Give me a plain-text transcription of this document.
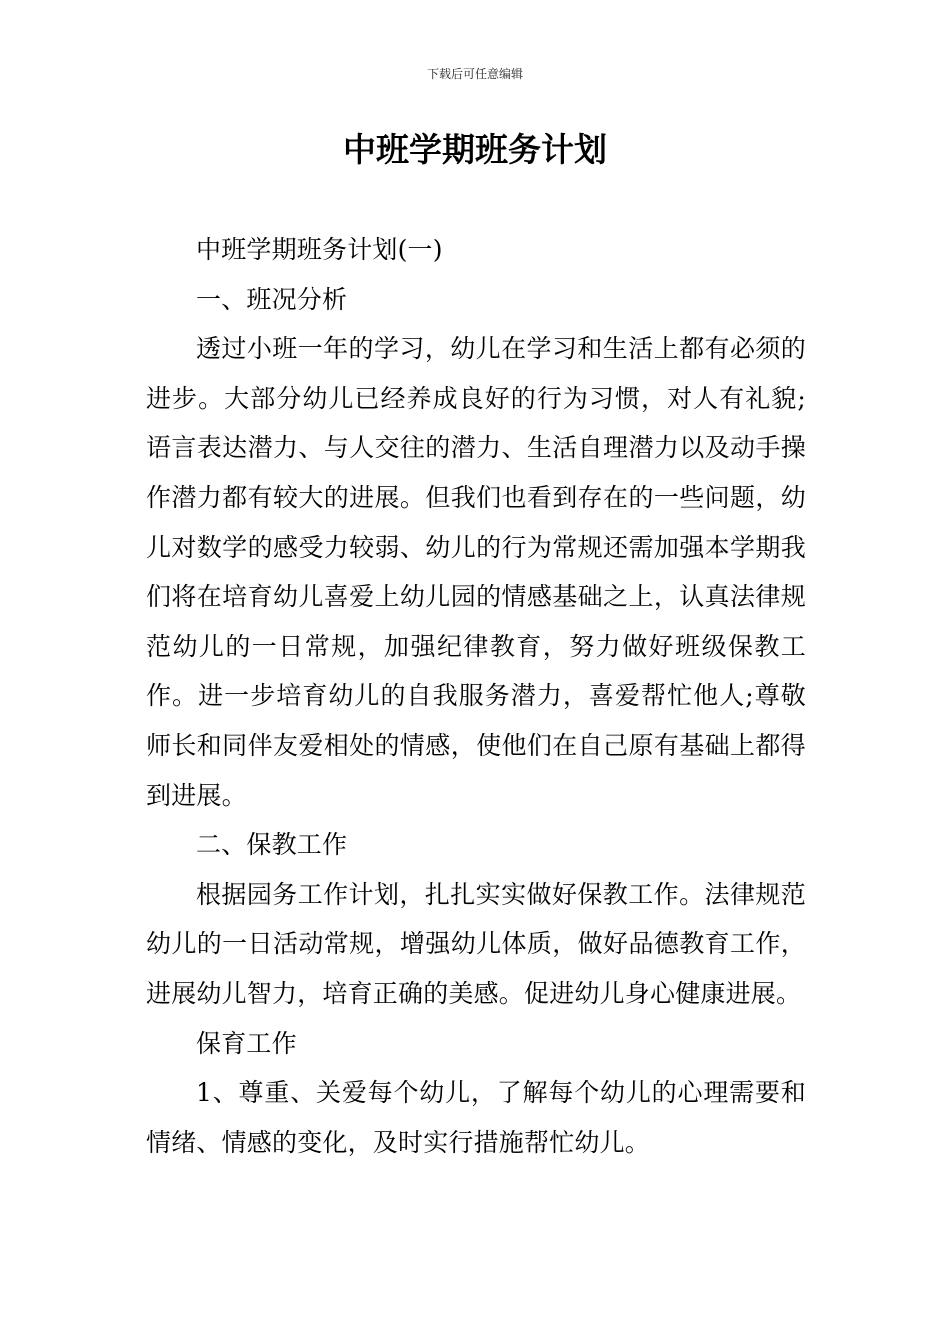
下载后可任意编辑
中班学期班务计划

中班学期班务计划(一)

一、班况分析

透过小班一年的学习，幼儿在学习和生活上都有必须的进步。大部分幼儿已经养成良好的行为习惯，对人有礼貌;语言表达潜力、与人交往的潜力、生活自理潜力以及动手操作潜力都有较大的进展。但我们也看到存在的一些问题，幼儿对数学的感受力较弱、幼儿的行为常规还需加强本学期我们将在培育幼儿喜爱上幼儿园的情感基础之上，认真法律规范幼儿的一日常规，加强纪律教育，努力做好班级保教工作。进一步培育幼儿的自我服务潜力，喜爱帮忙他人;尊敬师长和同伴友爱相处的情感，使他们在自己原有基础上都得到进展。

二、保教工作

根据园务工作计划，扎扎实实做好保教工作。法律规范幼儿的一日活动常规，增强幼儿体质，做好品德教育工作，进展幼儿智力，培育正确的美感。促进幼儿身心健康进展。

保育工作

1、尊重、关爱每个幼儿，了解每个幼儿的心理需要和情绪、情感的变化，及时实行措施帮忙幼儿。
